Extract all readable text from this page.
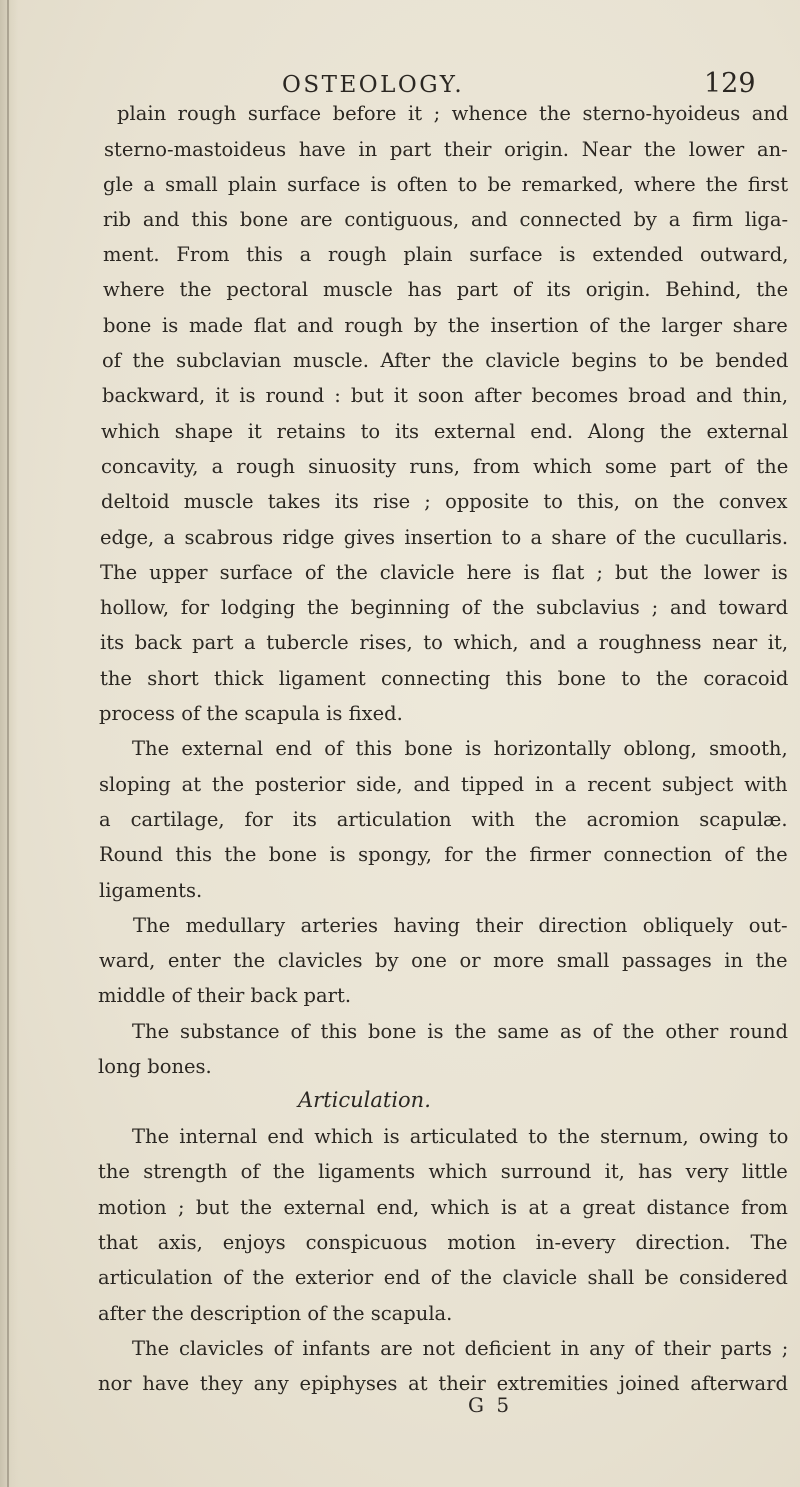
OSTEOLOGY.	129
plain rough surface before it ; whence the sterno-hyoideus and
sterno-mastoideus have in part their origin. Near the lower an-
gle a small plain surface is often to be remarked, where the first
rib and this bone are contiguous, and connected by a firm liga-
ment. From this a rough plain surface is extended outward,
where the pectoral muscle has part of its origin. Behind, the
bone is made flat and rough by the insertion of the larger share
of the subclavian muscle. After the clavicle begins to be bended
backward, it is round : but it soon after becomes broad and thin,
which shape it retains to its external end. Along the external
concavity, a rough sinuosity runs, from which some part of the
deltoid muscle takes its rise ; opposite to this, on the convex
edge, a scabrous ridge gives insertion to a share of the cucullaris.
The upper surface of the clavicle here is flat ; but the lower is
hollow, for lodging the beginning of the subclavius ; and toward
its back part a tubercle rises, to which, and a roughness near it,
the short thick ligament connecting this bone to the coracoid
process of the scapula is fixed.
The external end of this bone is horizontally oblong, smooth,
sloping at the posterior side, and tipped in a recent subject with
a cartilage, for its articulation with the acromion scapulæ.
Round this the bone is spongy, for the firmer connection of the
ligaments.
The medullary arteries having their direction obliquely out-
ward, enter the clavicles by one or more small passages in the
middle of their back part.
The substance of this bone is the same as of the other round
long bones.
Articulation.
The internal end which is articulated to the sternum, owing to
the strength of the ligaments which surround it, has very little
motion ; but the external end, which is at a great distance from
that axis, enjoys conspicuous motion in-every direction. The
articulation of the exterior end of the clavicle shall be considered
after the description of the scapula.
The clavicles of infants are not deficient in any of their parts ;
nor have they any epiphyses at their extremities joined afterward
G 5
